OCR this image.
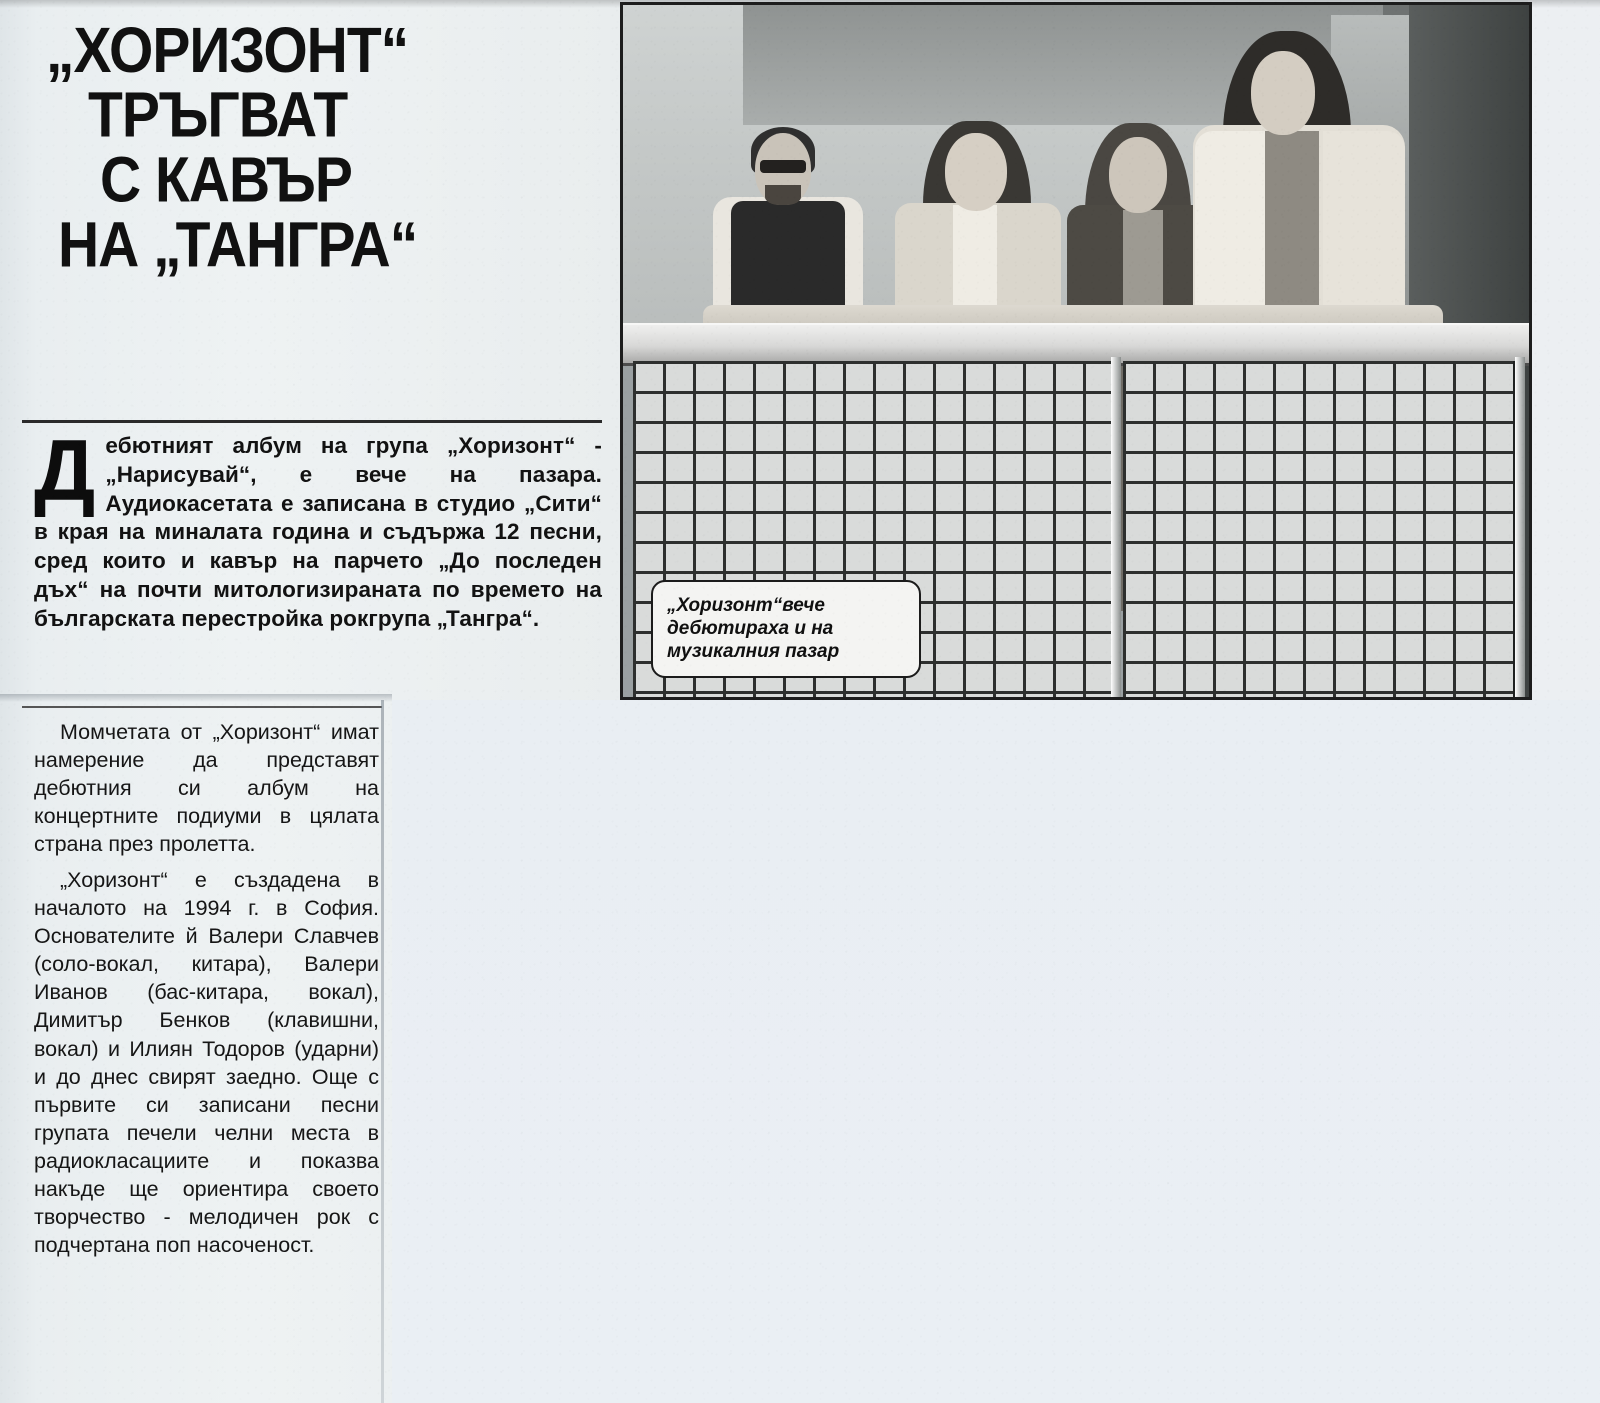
„ХОРИЗОНТ“
ТРЪГВАТ
С КАВЪР
НА „ТАНГРА“
Дебютният албум на група „Хоризонт“ - „Нарисувай“, е вече на пазара. Аудиокасетата е записана в студио „Сити“ в края на миналата година и съдържа 12 песни, сред които и кавър на парчето „До последен дъх“ на почти митологизираната по времето на българската перестройка рокгрупа „Тангра“.

Момчетата от „Хоризонт“ имат намерение да представят дебютния си албум на концертните подиуми в цялата страна през пролетта.

„Хоризонт“ е създадена в началото на 1994 г. в София. Основателите й Валери Славчев (соло-вокал, китара), Валери Иванов (бас-китара, вокал), Димитър Бенков (клавишни, вокал) и Илиян Тодоров (ударни) и до днес свирят заедно. Още с първите си записани песни групата печели челни места в радиокласациите и показва накъде ще ориентира своето творчество - мелодичен рок с подчертана поп насоченост.

„Хоризонт“вече дебютираха и на музикалния пазар
